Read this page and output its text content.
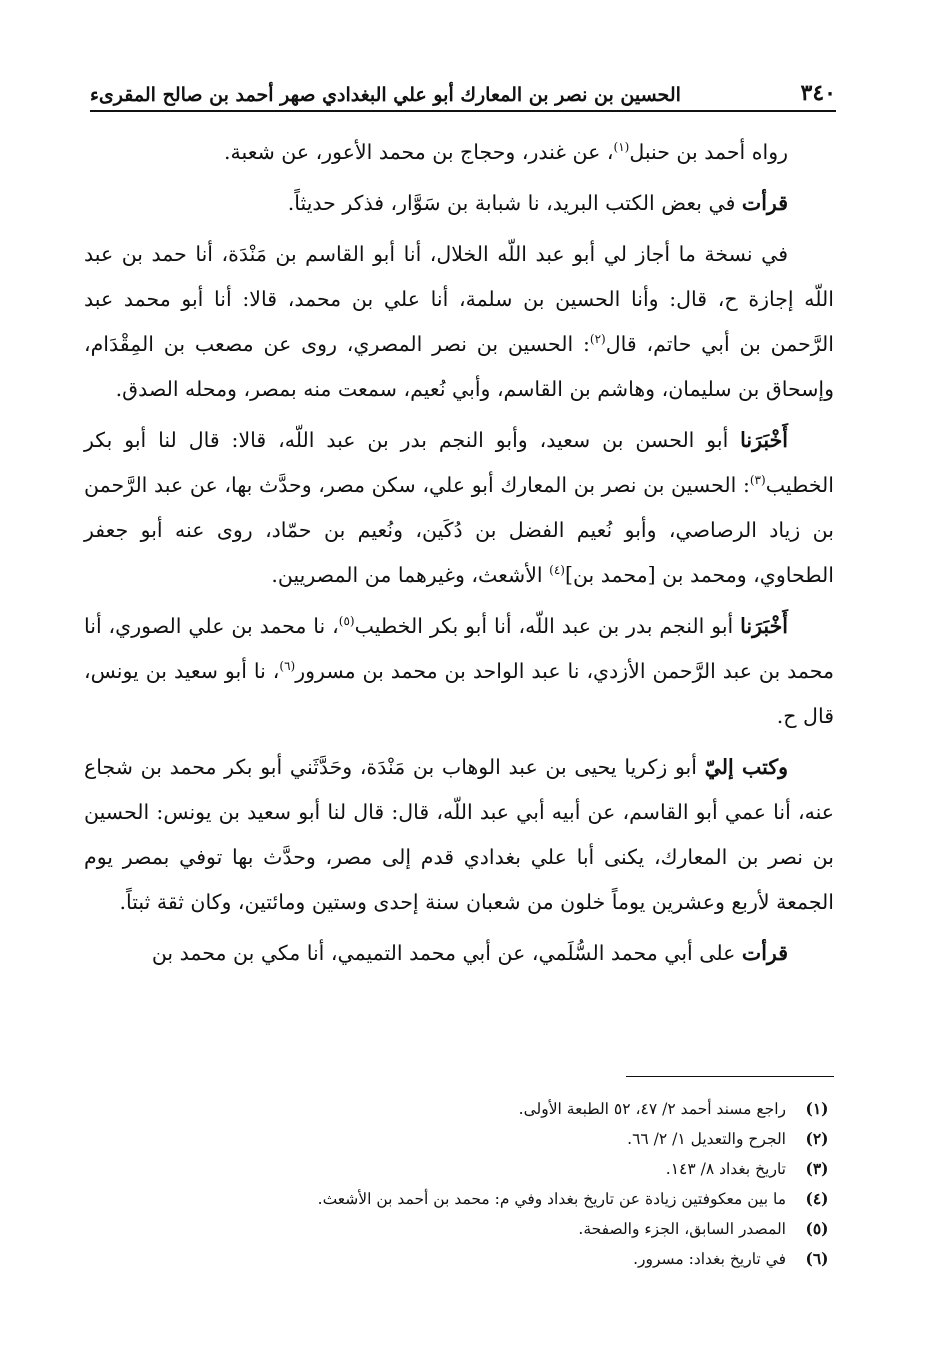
٣٤٠
الحسين بن نصر بن المعارك أبو علي البغدادي صهر أحمد بن صالح المقرىء

رواه أحمد بن حنبل$^{(١)}$، عن غندر، وحجاج بن محمد الأعور، عن شعبة.

قرأت في بعض الكتب البريد، نا شبابة بن سَوَّار، فذكر حديثاً.

في نسخة ما أجاز لي أبو عبد اللّه الخلال، أنا أبو القاسم بن مَنْدَة، أنا حمد بن عبد اللّه إجازة ح، قال: وأنا الحسين بن سلمة، أنا علي بن محمد، قالا: أنا أبو محمد عبد الرَّحمن بن أبي حاتم، قال$^{(٢)}$: الحسين بن نصر المصري، روى عن مصعب بن المِقْدَام، وإسحاق بن سليمان، وهاشم بن القاسم، وأبي نُعيم، سمعت منه بمصر، ومحله الصدق.

أَخْبَرَنا أبو الحسن بن سعيد، وأبو النجم بدر بن عبد اللّه، قالا: قال لنا أبو بكر الخطيب$^{(٣)}$: الحسين بن نصر بن المعارك أبو علي، سكن مصر، وحدَّث بها، عن عبد الرَّحمن بن زياد الرصاصي، وأبو نُعيم الفضل بن دُكَين، ونُعيم بن حمّاد، روى عنه أبو جعفر الطحاوي، ومحمد بن [محمد بن]$^{(٤)}$ الأشعث، وغيرهما من المصريين.

أَخْبَرَنا أبو النجم بدر بن عبد اللّه، أنا أبو بكر الخطيب$^{(٥)}$، نا محمد بن علي الصوري، أنا محمد بن عبد الرَّحمن الأزدي، نا عبد الواحد بن محمد بن مسرور$^{(٦)}$، نا أبو سعيد بن يونس، قال ح.

وكتب إليّ أبو زكريا يحيى بن عبد الوهاب بن مَنْدَة، وحَدَّثَني أبو بكر محمد بن شجاع عنه، أنا عمي أبو القاسم، عن أبيه أبي عبد اللّه، قال: قال لنا أبو سعيد بن يونس: الحسين بن نصر بن المعارك، يكنى أبا علي بغدادي قدم إلى مصر، وحدَّث بها توفي بمصر يوم الجمعة لأربع وعشرين يوماً خلون من شعبان سنة إحدى وستين ومائتين، وكان ثقة ثبتاً.

قرأت على أبي محمد السُّلَمي، عن أبي محمد التميمي، أنا مكي بن محمد بن

(١)
راجع مسند أحمد ٢/ ٤٧، ٥٢ الطبعة الأولى.
(٢)
الجرح والتعديل ١/ ٢/ ٦٦.
(٣)
تاريخ بغداد ٨/ ١٤٣.
(٤)
ما بين معكوفتين زيادة عن تاريخ بغداد وفي م: محمد بن أحمد بن الأشعث.
(٥)
المصدر السابق، الجزء والصفحة.
(٦)
في تاريخ بغداد: مسرور.
